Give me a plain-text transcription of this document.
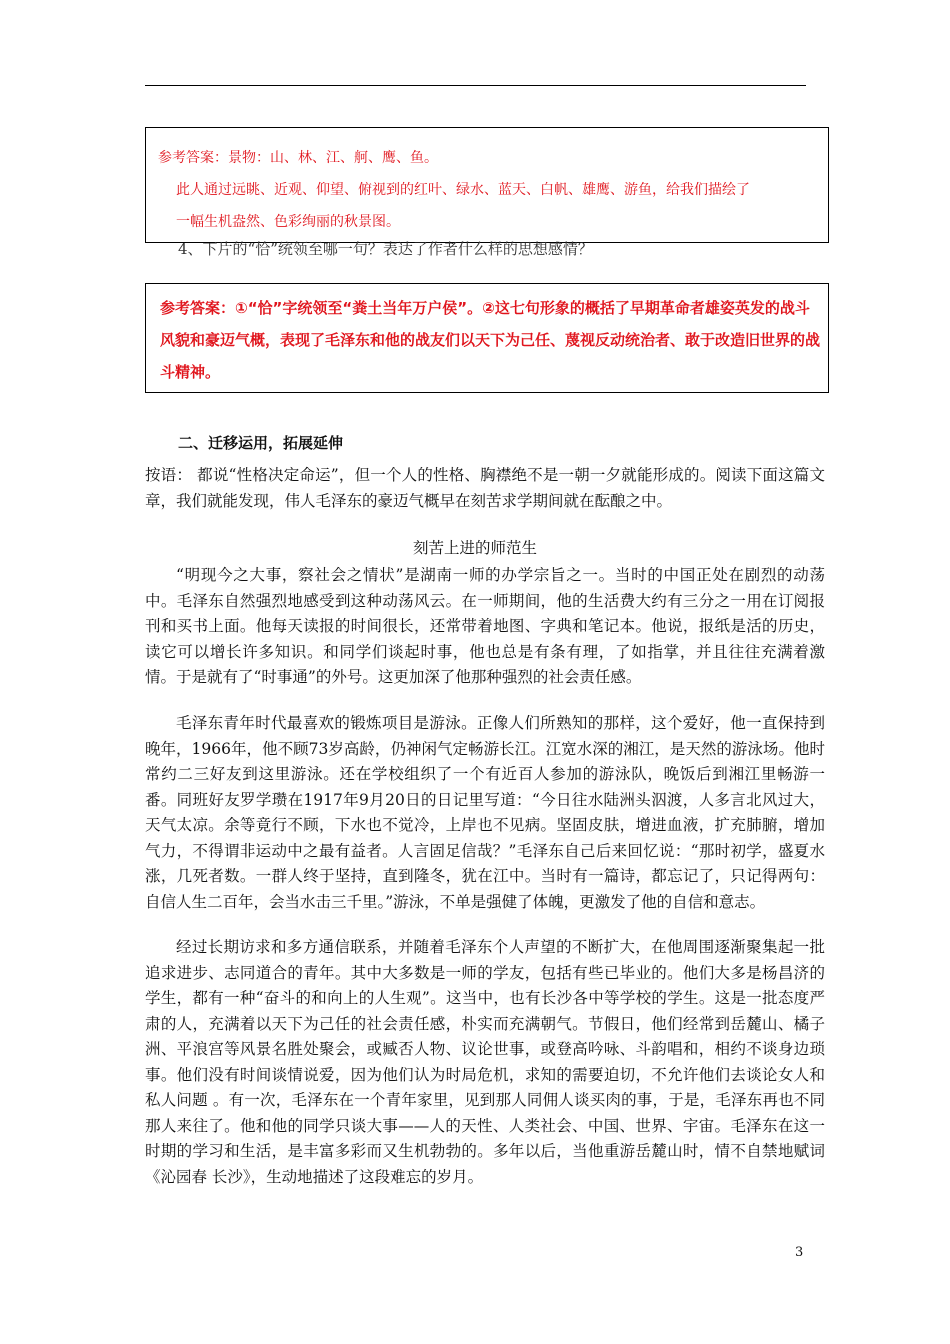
参考答案：景物：山、林、江、舸、鹰、鱼。
此人通过远眺、近观、仰望、俯视到的红叶、绿水、蓝天、白帆、雄鹰、游鱼，给我们描绘了
一幅生机盎然、色彩绚丽的秋景图。
4、下片的“恰”统领至哪一句？表达了作者什么样的思想感情？
参考答案：①“恰”字统领至“粪土当年万户侯”。②这七句形象的概括了早期革命者雄姿英发的战斗风貌和豪迈气概，表现了毛泽东和他的战友们以天下为己任、蔑视反动统治者、敢于改造旧世界的战斗精神。
二、迁移运用，拓展延伸
按语： 都说“性格决定命运”，但一个人的性格、胸襟绝不是一朝一夕就能形成的。阅读下面这篇文章，我们就能发现，伟人毛泽东的豪迈气概早在刻苦求学期间就在酝酿之中。
刻苦上进的师范生
“明现今之大事，察社会之情状”是湖南一师的办学宗旨之一。当时的中国正处在剧烈的动荡中。毛泽东自然强烈地感受到这种动荡风云。在一师期间，他的生活费大约有三分之一用在订阅报刊和买书上面。他每天读报的时间很长，还常带着地图、字典和笔记本。他说，报纸是活的历史，读它可以增长许多知识。和同学们谈起时事，他也总是有条有理，了如指掌，并且往往充满着激情。于是就有了“时事通”的外号。这更加深了他那种强烈的社会责任感。
毛泽东青年时代最喜欢的锻炼项目是游泳。正像人们所熟知的那样，这个爱好，他一直保持到晚年，1966年，他不顾73岁高龄，仍神闲气定畅游长江。江宽水深的湘江，是天然的游泳场。他时常约二三好友到这里游泳。还在学校组织了一个有近百人参加的游泳队，晚饭后到湘江里畅游一番。同班好友罗学瓒在1917年9月20日的日记里写道：“今日往水陆洲头泅渡，人多言北风过大，天气太凉。余等竟行不顾，下水也不觉冷，上岸也不见病。坚固皮肤，增进血液，扩充肺腑，增加气力，不得谓非运动中之最有益者。人言固足信哉？”毛泽东自己后来回忆说：“那时初学，盛夏水涨，几死者数。一群人终于坚持，直到隆冬，犹在江中。当时有一篇诗，都忘记了，只记得两句：自信人生二百年，会当水击三千里。”游泳，不单是强健了体魄，更激发了他的自信和意志。
经过长期访求和多方通信联系，并随着毛泽东个人声望的不断扩大，在他周围逐渐聚集起一批追求进步、志同道合的青年。其中大多数是一师的学友，包括有些已毕业的。他们大多是杨昌济的学生，都有一种“奋斗的和向上的人生观”。这当中，也有长沙各中等学校的学生。这是一批态度严肃的人，充满着以天下为己任的社会责任感，朴实而充满朝气。节假日，他们经常到岳麓山、橘子洲、平浪宫等风景名胜处聚会，或臧否人物、议论世事，或登高吟咏、斗韵唱和，相约不谈身边琐事。他们没有时间谈情说爱，因为他们认为时局危机，求知的需要迫切，不允许他们去谈论女人和私人问题 。有一次，毛泽东在一个青年家里，见到那人同佣人谈买肉的事，于是，毛泽东再也不同那人来往了。他和他的同学只谈大事——人的天性、人类社会、中国、世界、宇宙。毛泽东在这一时期的学习和生活，是丰富多彩而又生机勃勃的。多年以后，当他重游岳麓山时，情不自禁地赋词《沁园春 长沙》，生动地描述了这段难忘的岁月。
3
